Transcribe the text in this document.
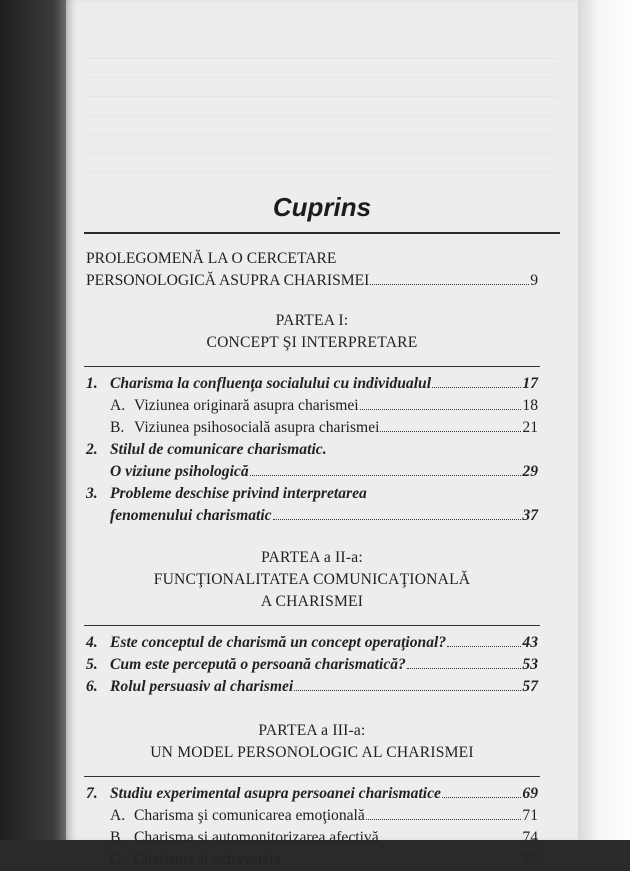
Cuprins
PROLEGOMENĂ LA O CERCETARE
PERSONOLOGICĂ ASUPRA CHARISMEI	9
PARTEA I:
CONCEPT ŞI INTERPRETARE
1. Charisma la confluenţa socialului cu individualul	17
A. Viziunea originară asupra charismei	18
B. Viziunea psihosocială asupra charismei	21
2. Stilul de comunicare charismatic.
O viziune psihologică	29
3. Probleme deschise privind interpretarea
fenomenului charismatic	37
PARTEA a II-a:
FUNCŢIONALITATEA COMUNICAŢIONALĂ
A CHARISMEI
4. Este conceptul de charismă un concept operaţional?	43
5. Cum este percepută o persoană charismatică?	53
6. Rolul persuasiv al charismei	57
PARTEA a III-a:
UN MODEL PERSONOLOGIC AL CHARISMEI
7. Studiu experimental asupra persoanei charismatice	69
A. Charisma şi comunicarea emoţională	71
B. Charisma şi automonitorizarea afectivă	74
C. Charisma şi extraversia	77
